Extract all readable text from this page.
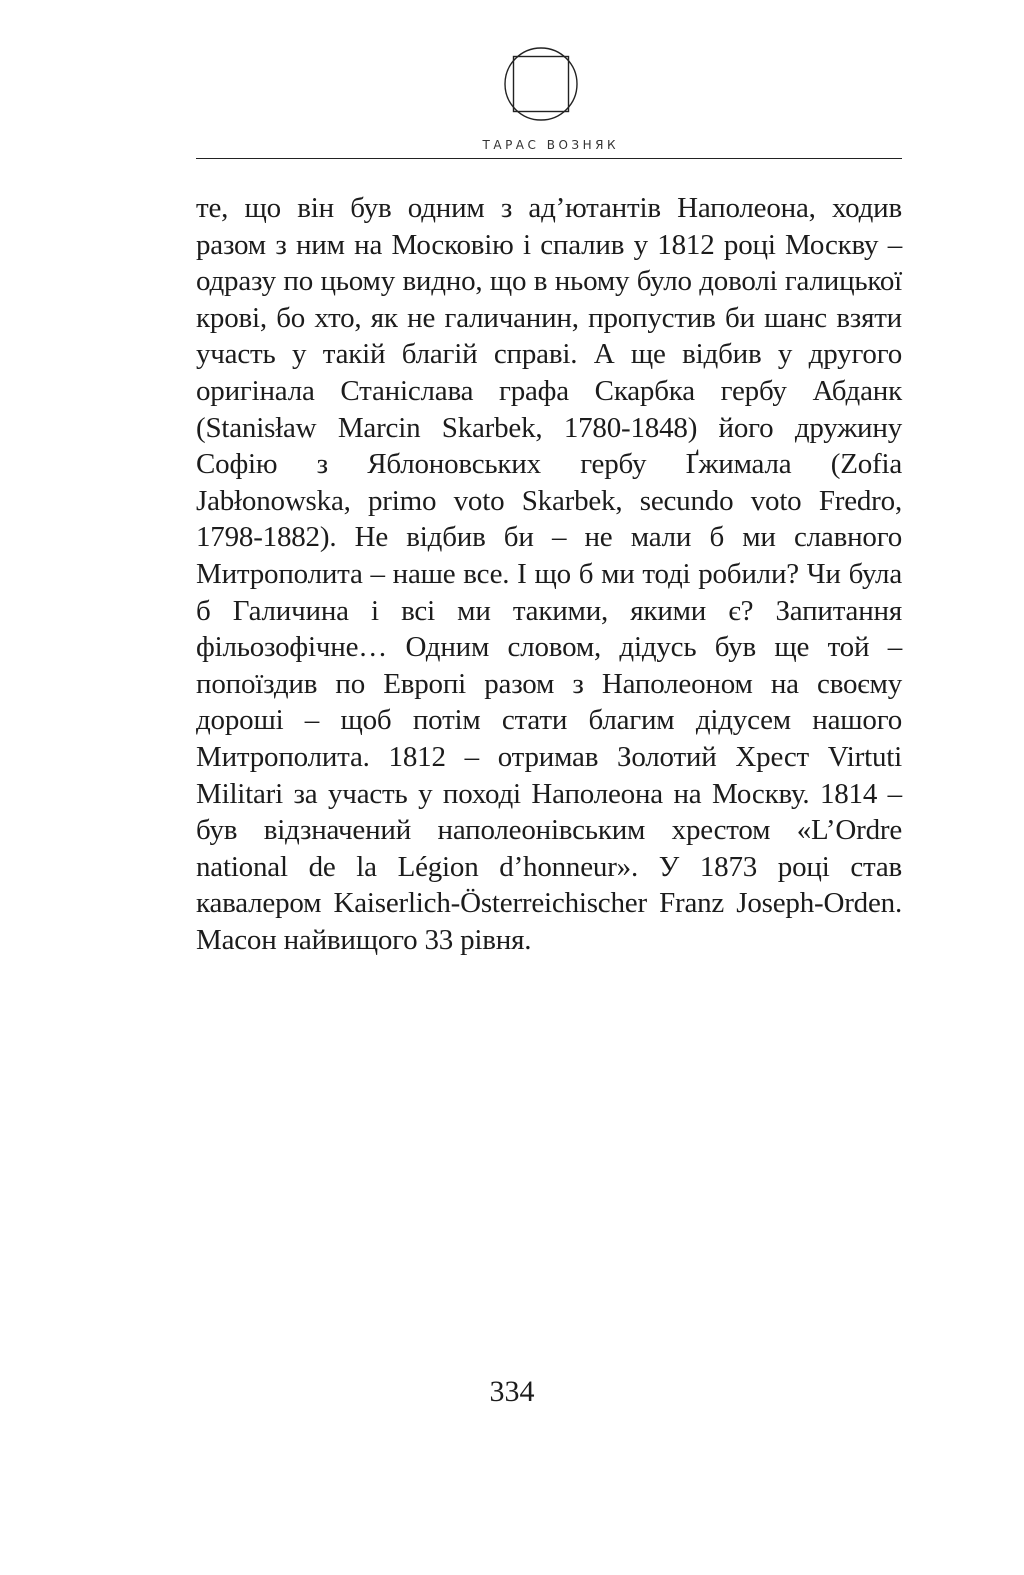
ТАРАС ВОЗНЯК

те, що він був одним з ад’ютантів Наполеона, ходив разом з ним на Московію і спалив у 1812 році Москву – одразу по цьому видно, що в ньому було доволі галицької крові, бо хто, як не галичанин, пропустив би шанс взяти участь у такій благій справі. А ще відбив у другого оригінала Станіслава графа Скарбка гербу Абданк (Stanisław Marcin Skarbek, 1780-1848) його дружину Софію з Яблоновських гербу Ґжимала (Zofia Jabłonowska, primo voto Skarbek, secundo voto Fredro, 1798-1882). Не відбив би – не мали б ми славного Митрополита – наше все. І що б ми тоді робили? Чи була б Галичина і всі ми такими, якими є? Запитання фільозофічне… Одним словом, дідусь був ще той – попоїздив по Европі разом з Наполеоном на своєму дороші – щоб потім стати благим дідусем нашого Митрополита. 1812 – отримав Золотий Хрест Virtuti Militari за участь у поході Наполеона на Москву. 1814 – був відзначений наполеонівським хрестом «L’Ordre national de la Légion d’honneur». У 1873 році став кавалером Kaiserlich-Österreichischer Franz Joseph-Orden. Масон найвищого 33 рівня.

334
